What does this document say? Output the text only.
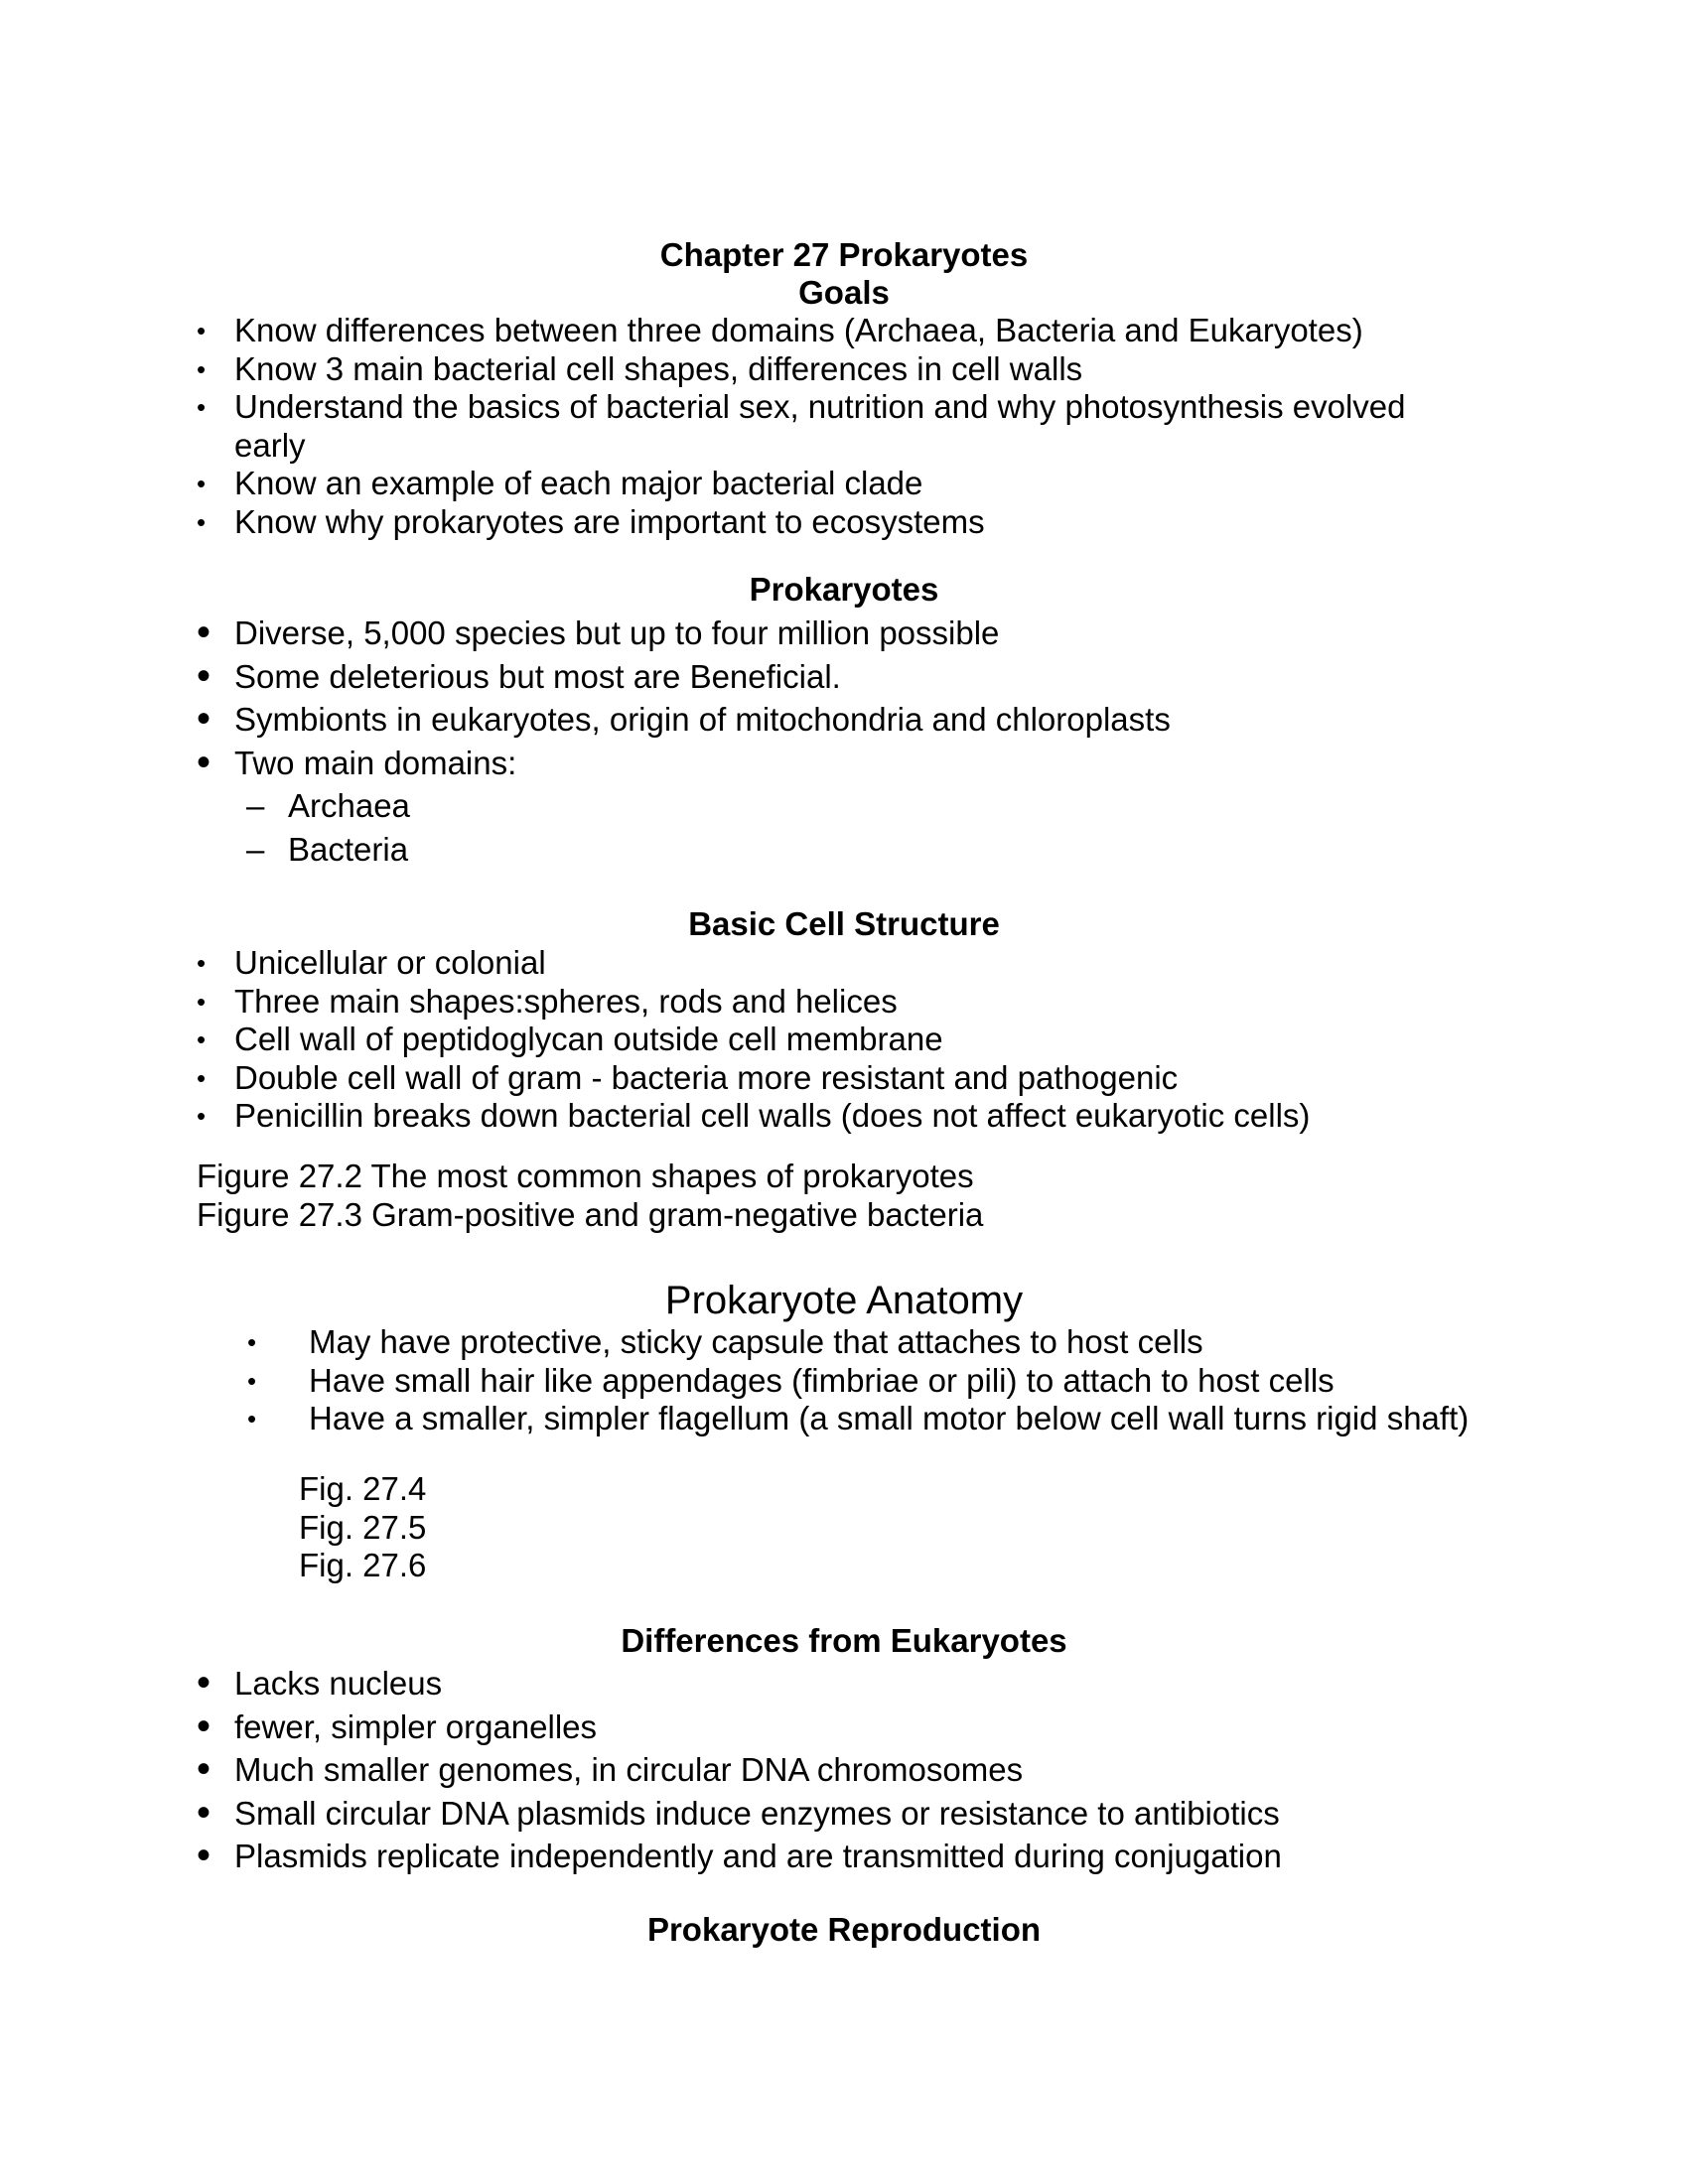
Chapter 27 Prokaryotes
Goals
• Know differences between three domains (Archaea, Bacteria and Eukaryotes)
• Know 3 main bacterial cell shapes, differences in cell walls
• Understand the basics of bacterial sex, nutrition and why photosynthesis evolved early
• Know an example of each major bacterial clade
• Know why prokaryotes are important to ecosystems
Prokaryotes
• Diverse, 5,000 species but up to four million possible
• Some deleterious but most are Beneficial.
• Symbionts in eukaryotes, origin of mitochondria and chloroplasts
• Two main domains:
– Archaea
– Bacteria
Basic Cell Structure
• Unicellular or colonial
• Three main shapes:spheres, rods and helices
• Cell wall of peptidoglycan outside cell membrane
• Double cell wall of gram - bacteria more resistant and pathogenic
• Penicillin breaks down bacterial cell walls (does not affect eukaryotic cells)
Figure 27.2 The most common shapes of prokaryotes
Figure 27.3 Gram-positive and gram-negative bacteria
Prokaryote Anatomy
• May have protective, sticky capsule that attaches to host cells
• Have small hair like appendages (fimbriae or pili) to attach to host cells
• Have a smaller, simpler flagellum (a small motor below cell wall turns rigid shaft)
Fig. 27.4
Fig. 27.5
Fig. 27.6
Differences from Eukaryotes
• Lacks nucleus
• fewer, simpler organelles
• Much smaller genomes, in circular DNA chromosomes
• Small circular DNA plasmids induce enzymes or resistance to antibiotics
• Plasmids replicate independently and are transmitted during conjugation
Prokaryote Reproduction
